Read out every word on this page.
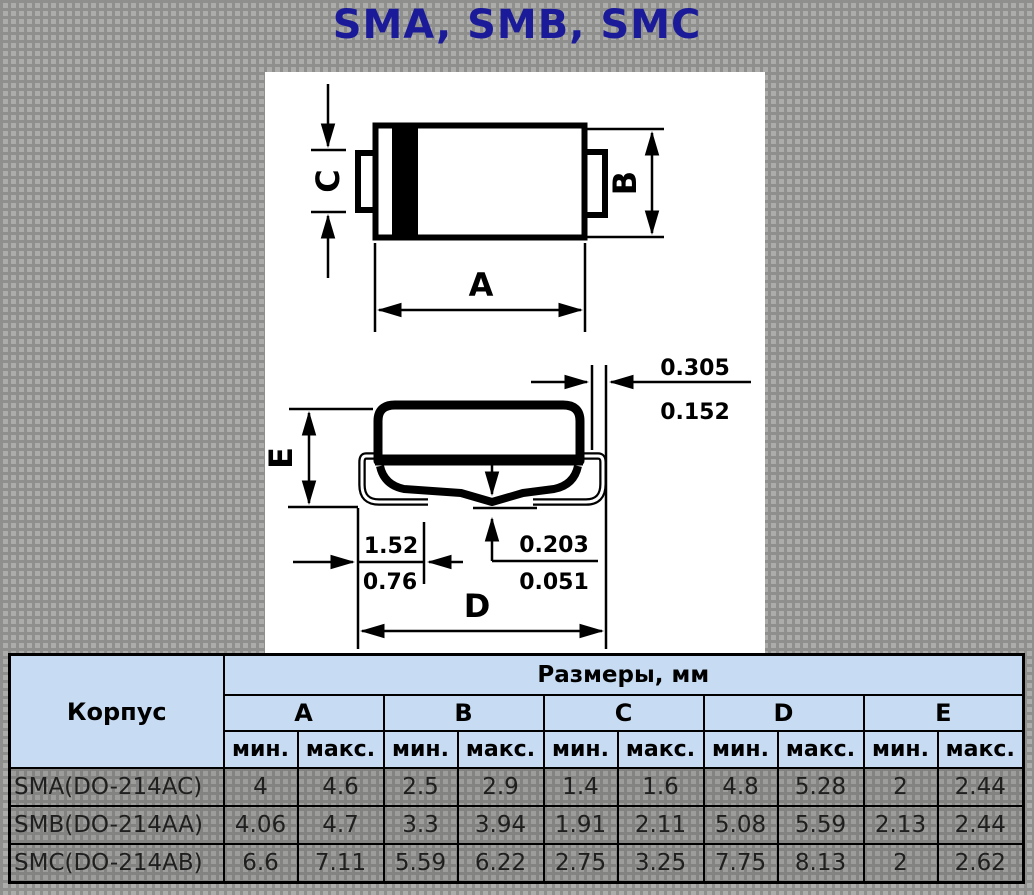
SMA, SMB, SMC
C	B
A
E
0.305
0.152
1.52
0.76
0.203
0.051
D
Корпус	Размеры, мм									
	A		B		C		D		E	
	мин.	макс.	мин.	макс.	мин.	макс.	мин.	макс.	мин.	макс.
SMA(DO-214AC)	4	4.6	2.5	2.9	1.4	1.6	4.8	5.28	2	2.44
SMB(DO-214AA)	4.06	4.7	3.3	3.94	1.91	2.11	5.08	5.59	2.13	2.44
SMC(DO-214AB)	6.6	7.11	5.59	6.22	2.75	3.25	7.75	8.13	2	2.62
